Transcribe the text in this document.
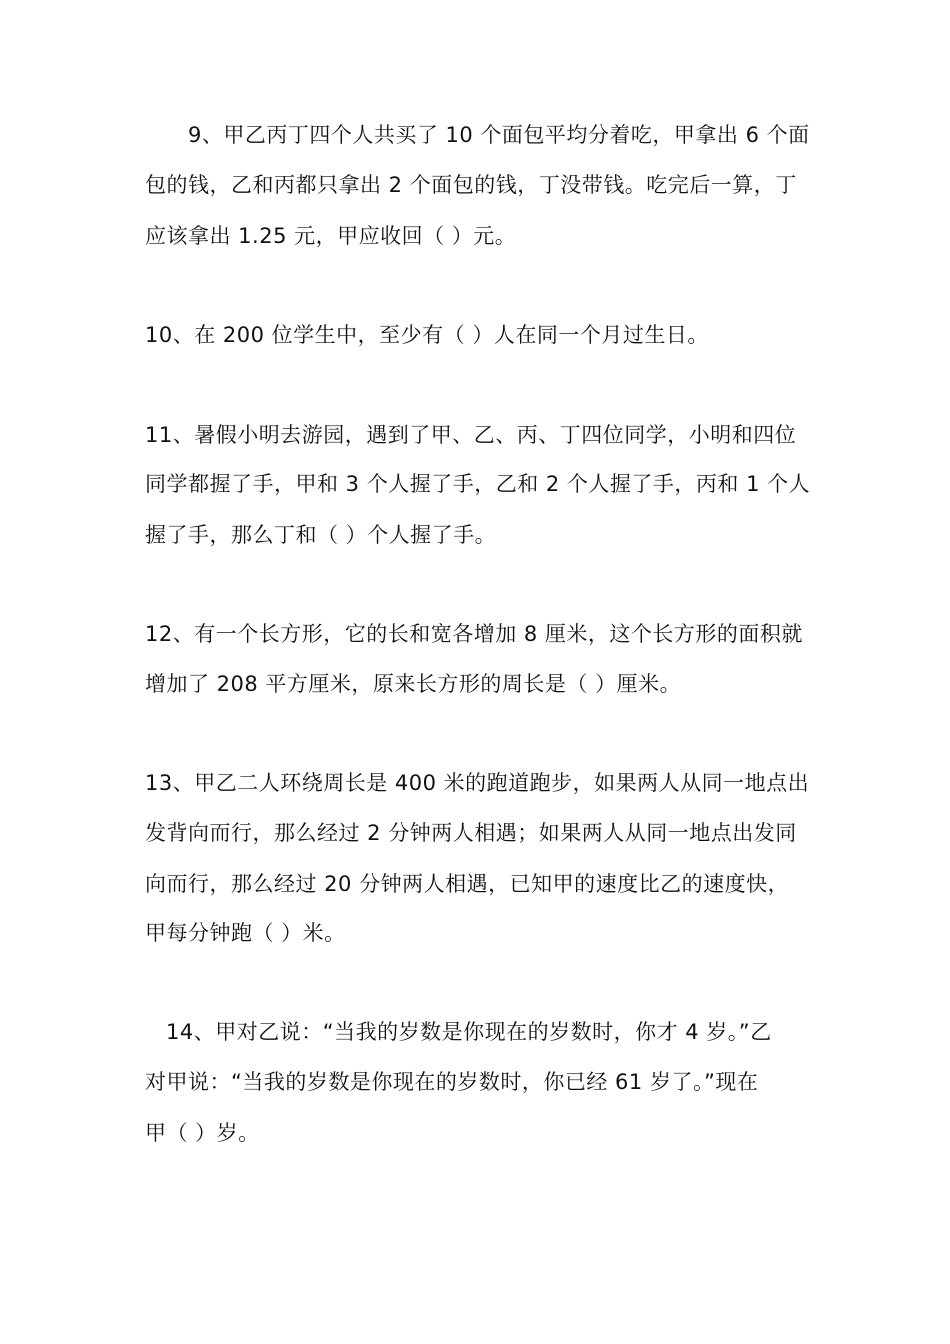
9、甲乙丙丁四个人共买了 10 个面包平均分着吃，甲拿出 6 个面
包的钱，乙和丙都只拿出 2 个面包的钱，丁没带钱。吃完后一算，丁
应该拿出 1.25 元，甲应收回（ ）元。
10、在 200 位学生中，至少有（ ）人在同一个月过生日。
11、暑假小明去游园，遇到了甲、乙、丙、丁四位同学，小明和四位
同学都握了手，甲和 3 个人握了手，乙和 2 个人握了手，丙和 1 个人
握了手，那么丁和（ ）个人握了手。
12、有一个长方形，它的长和宽各增加 8 厘米，这个长方形的面积就
增加了 208 平方厘米，原来长方形的周长是（ ）厘米。
13、甲乙二人环绕周长是 400 米的跑道跑步，如果两人从同一地点出
发背向而行，那么经过 2 分钟两人相遇；如果两人从同一地点出发同
向而行，那么经过 20 分钟两人相遇，已知甲的速度比乙的速度快，
甲每分钟跑（ ）米。
14、甲对乙说：“当我的岁数是你现在的岁数时，你才 4 岁。”乙
对甲说：“当我的岁数是你现在的岁数时，你已经 61 岁了。”现在
甲（ ）岁。
